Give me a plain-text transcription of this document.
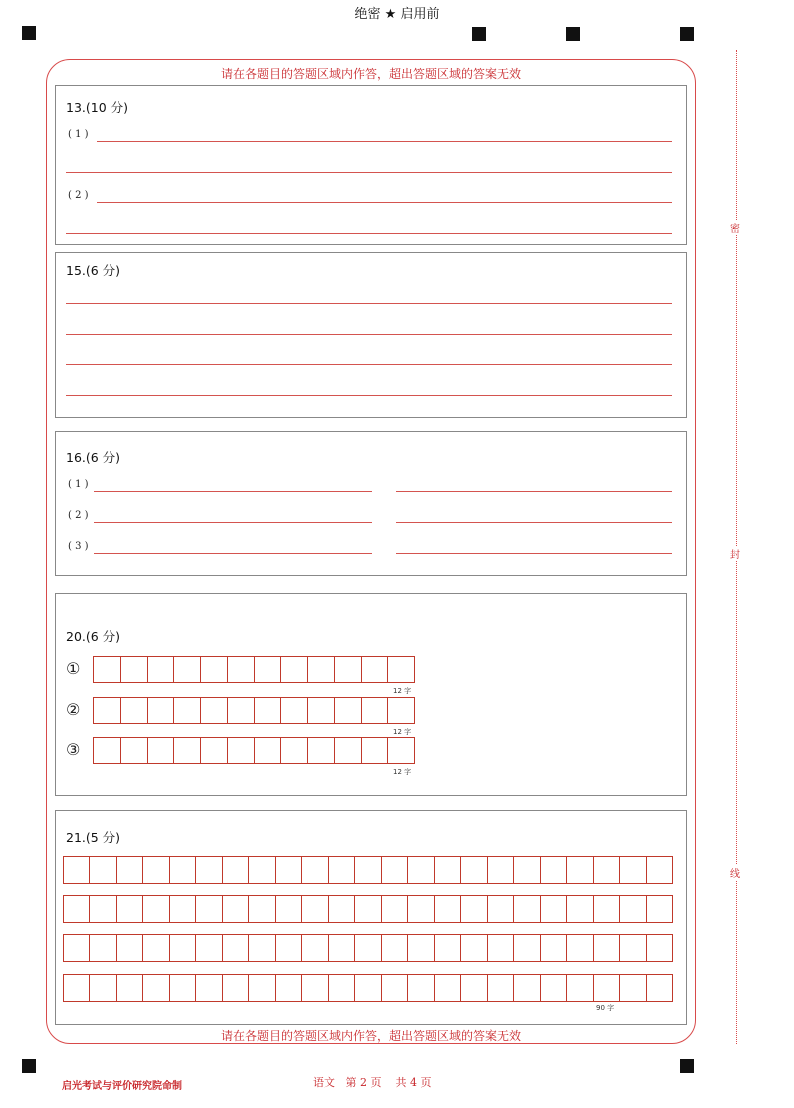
绝密 ★ 启用前
密
封
线
请在各题目的答题区域内作答，超出答题区域的答案无效
请在各题目的答题区域内作答，超出答题区域的答案无效
13.(10 分)
( 1 )
( 2 )
15.(6 分)
16.(6 分)
( 1 )
( 2 )
( 3 )
20.(6 分)
①
12 字
②
12 字
③
12 字
21.(5 分)
90 字
启光考试与评价研究院命制	语文   第 2 页    共 4 页
